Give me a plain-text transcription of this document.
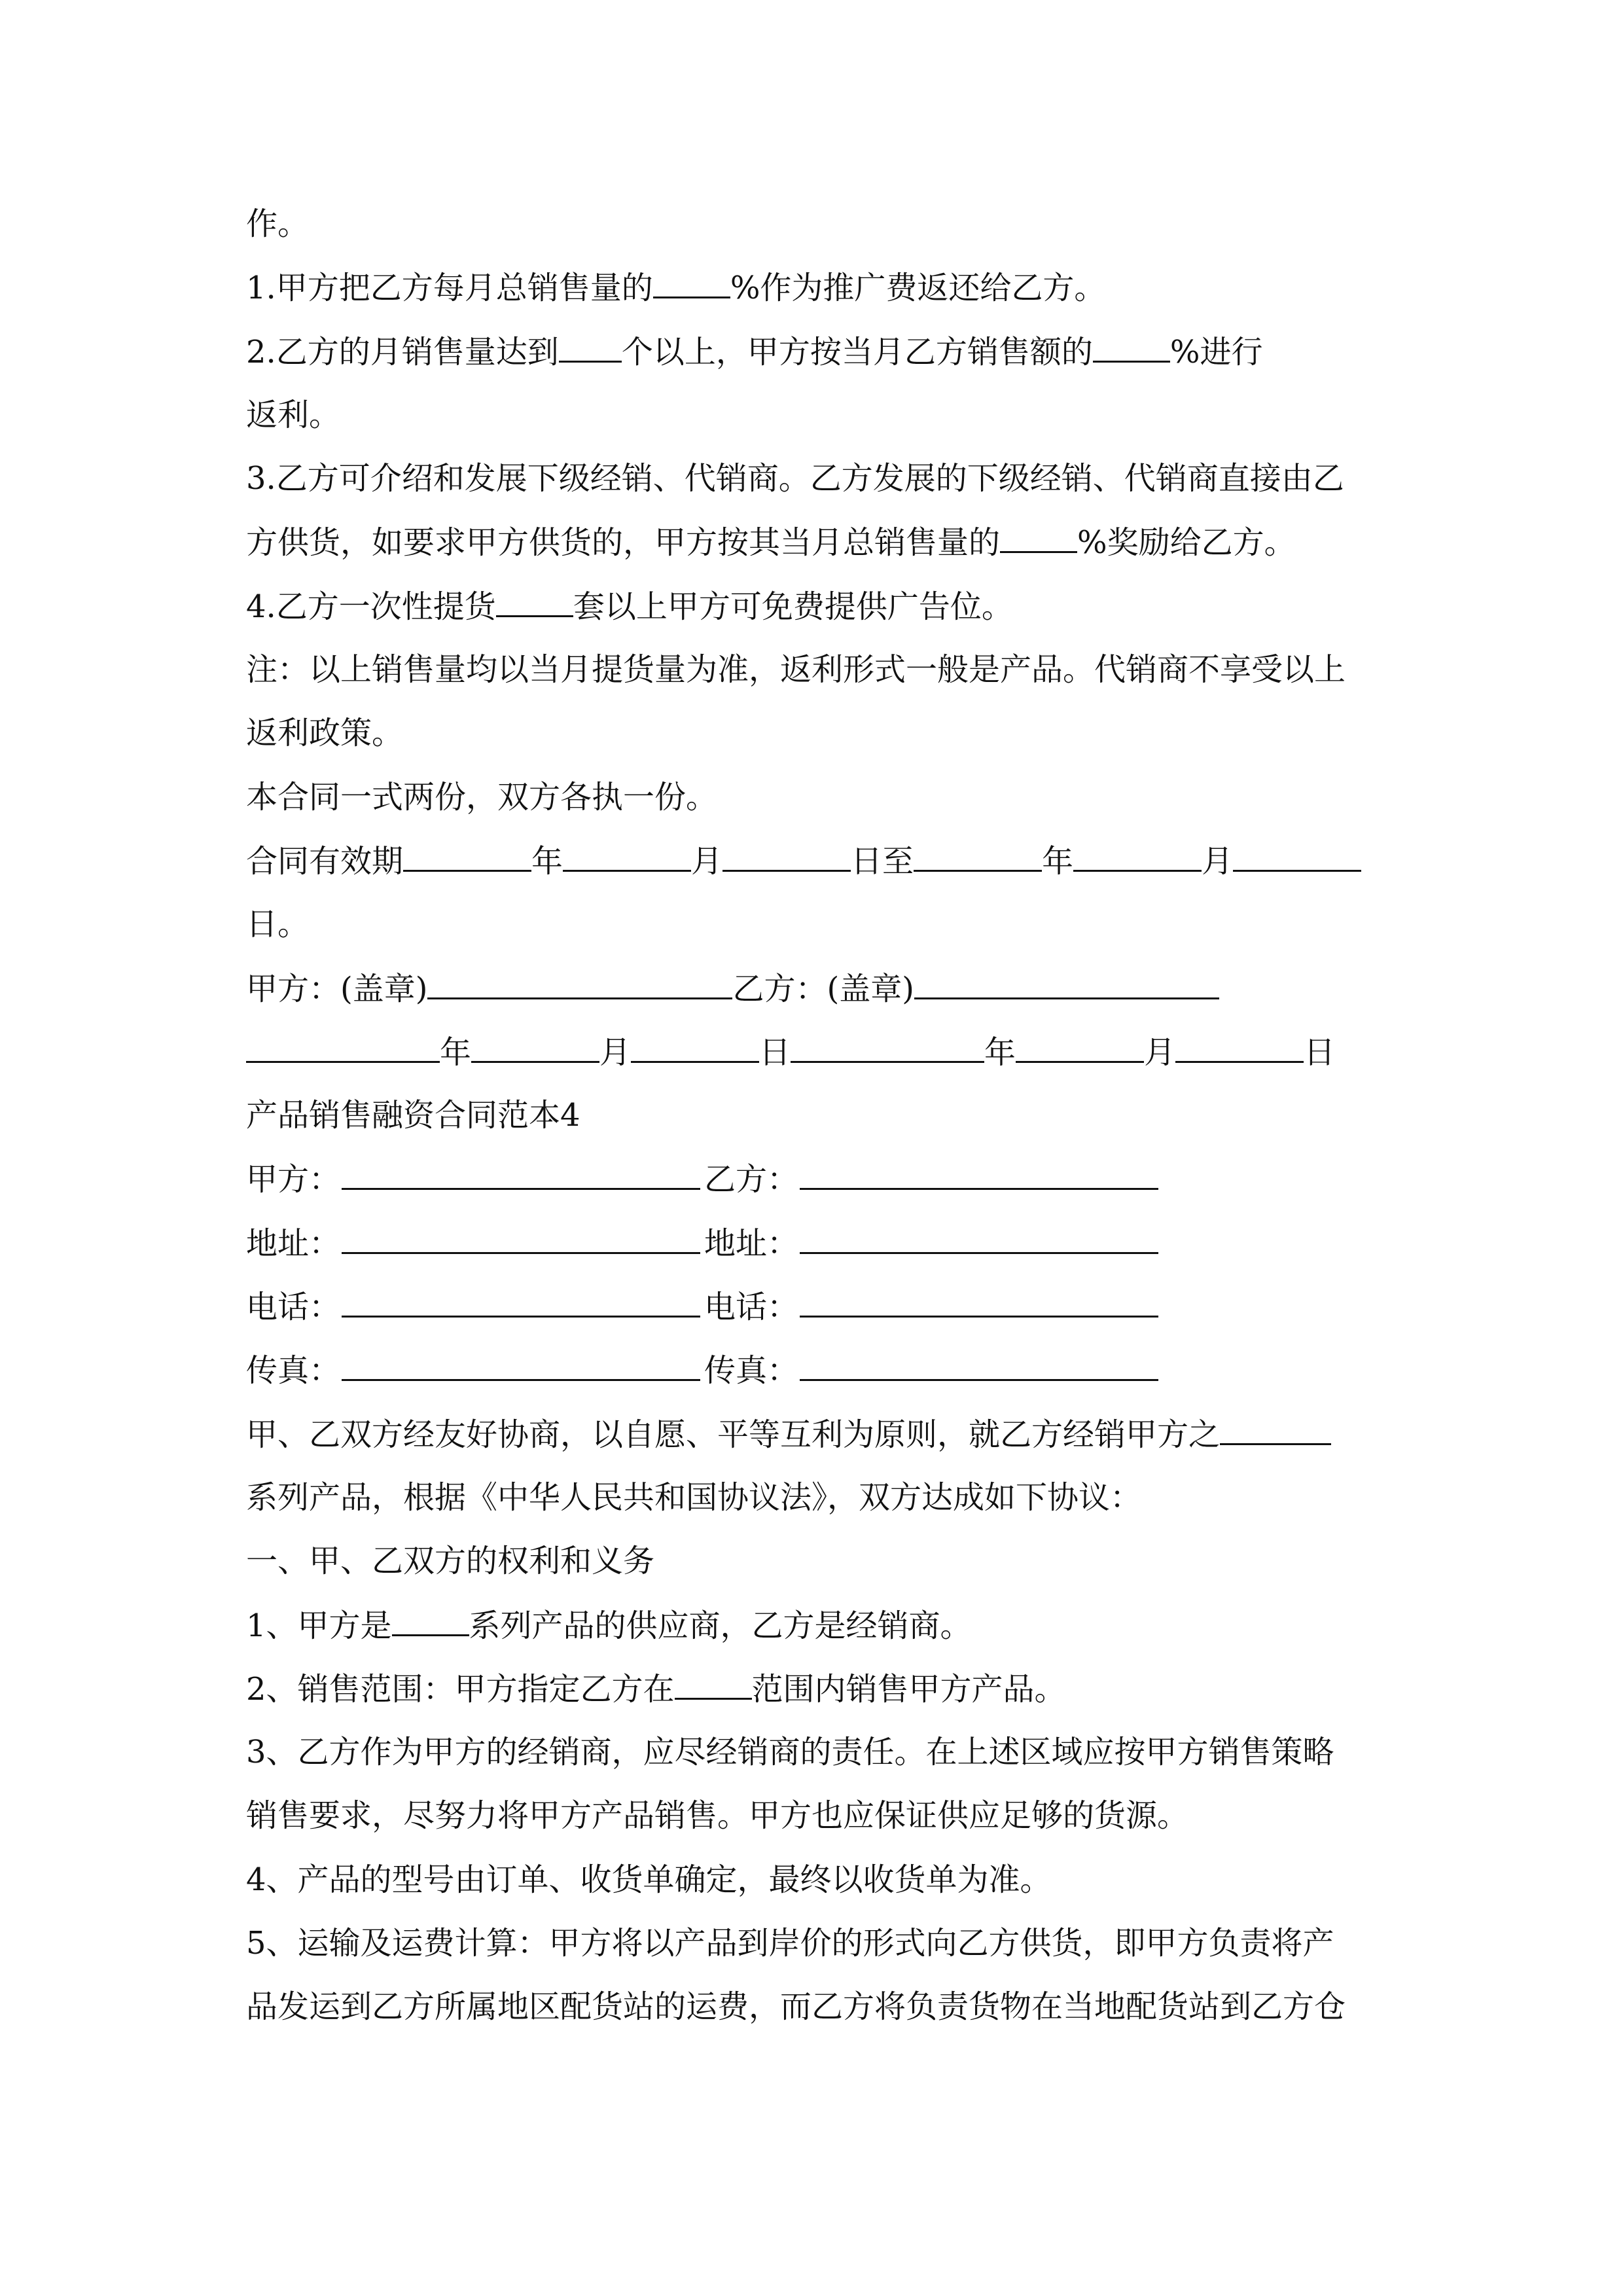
作。
1.甲方把乙方每月总销售量的 %作为推广费返还给乙方。
2.乙方的月销售量达到 个以上，甲方按当月乙方销售额的 %进行
返利。
3.乙方可介绍和发展下级经销、代销商。乙方发展的下级经销、代销商直接由乙
方供货，如要求甲方供货的，甲方按其当月总销售量的 %奖励给乙方。
4.乙方一次性提货 套以上甲方可免费提供广告位。
注：以上销售量均以当月提货量为准，返利形式一般是产品。代销商不享受以上
返利政策。
本合同一式两份，双方各执一份。
合同有效期	年	月	日至	年	月
日。
甲方：(盖章)	乙方：(盖章)
年	月	日	年	月	日
产品销售融资合同范本4
甲方：	乙方：
地址：	地址：
电话：	电话：
传真：	传真：
甲、乙双方经友好协商，以自愿、平等互利为原则，就乙方经销甲方之
系列产品，根据《中华人民共和国协议法》，双方达成如下协议：
一、甲、乙双方的权利和义务
1、甲方是 系列产品的供应商，乙方是经销商。
2、销售范围：甲方指定乙方在 范围内销售甲方产品。
3、乙方作为甲方的经销商，应尽经销商的责任。在上述区域应按甲方销售策略
销售要求，尽努力将甲方产品销售。甲方也应保证供应足够的货源。
4、产品的型号由订单、收货单确定，最终以收货单为准。
5、运输及运费计算：甲方将以产品到岸价的形式向乙方供货，即甲方负责将产
品发运到乙方所属地区配货站的运费，而乙方将负责货物在当地配货站到乙方仓
